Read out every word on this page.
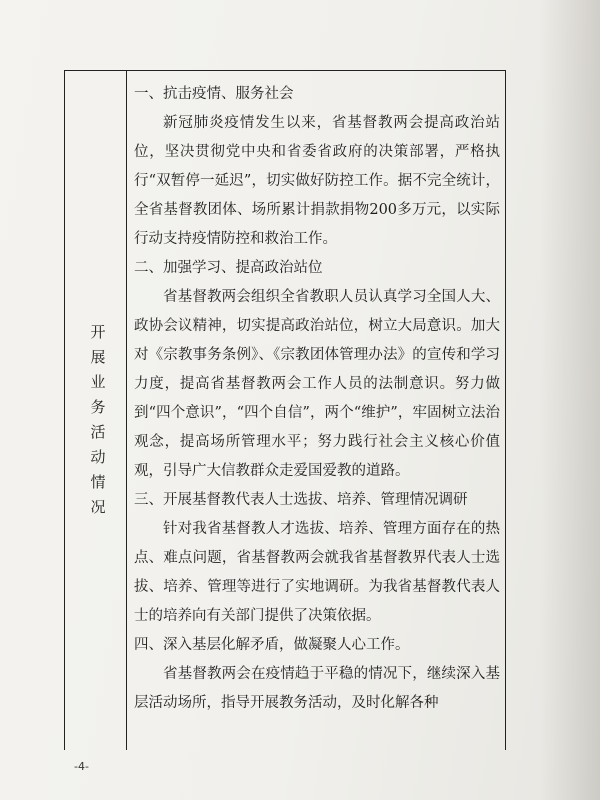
开展业务活动情况

一、抗击疫情、服务社会

新冠肺炎疫情发生以来，省基督教两会提高政治站位，坚决贯彻党中央和省委省政府的决策部署，严格执行“双暂停一延迟”，切实做好防控工作。据不完全统计，全省基督教团体、场所累计捐款捐物200多万元，以实际行动支持疫情防控和救治工作。

二、加强学习、提高政治站位

省基督教两会组织全省教职人员认真学习全国人大、政协会议精神，切实提高政治站位，树立大局意识。加大对《宗教事务条例》、《宗教团体管理办法》的宣传和学习力度，提高省基督教两会工作人员的法制意识。努力做到“四个意识”，“四个自信”，两个“维护”，牢固树立法治观念，提高场所管理水平；努力践行社会主义核心价值观，引导广大信教群众走爱国爱教的道路。

三、开展基督教代表人士选拔、培养、管理情况调研

针对我省基督教人才选拔、培养、管理方面存在的热点、难点问题，省基督教两会就我省基督教界代表人士选拔、培养、管理等进行了实地调研。为我省基督教代表人士的培养向有关部门提供了决策依据。

四、深入基层化解矛盾，做凝聚人心工作。

省基督教两会在疫情趋于平稳的情况下，继续深入基层活动场所，指导开展教务活动，及时化解各种

-4-
